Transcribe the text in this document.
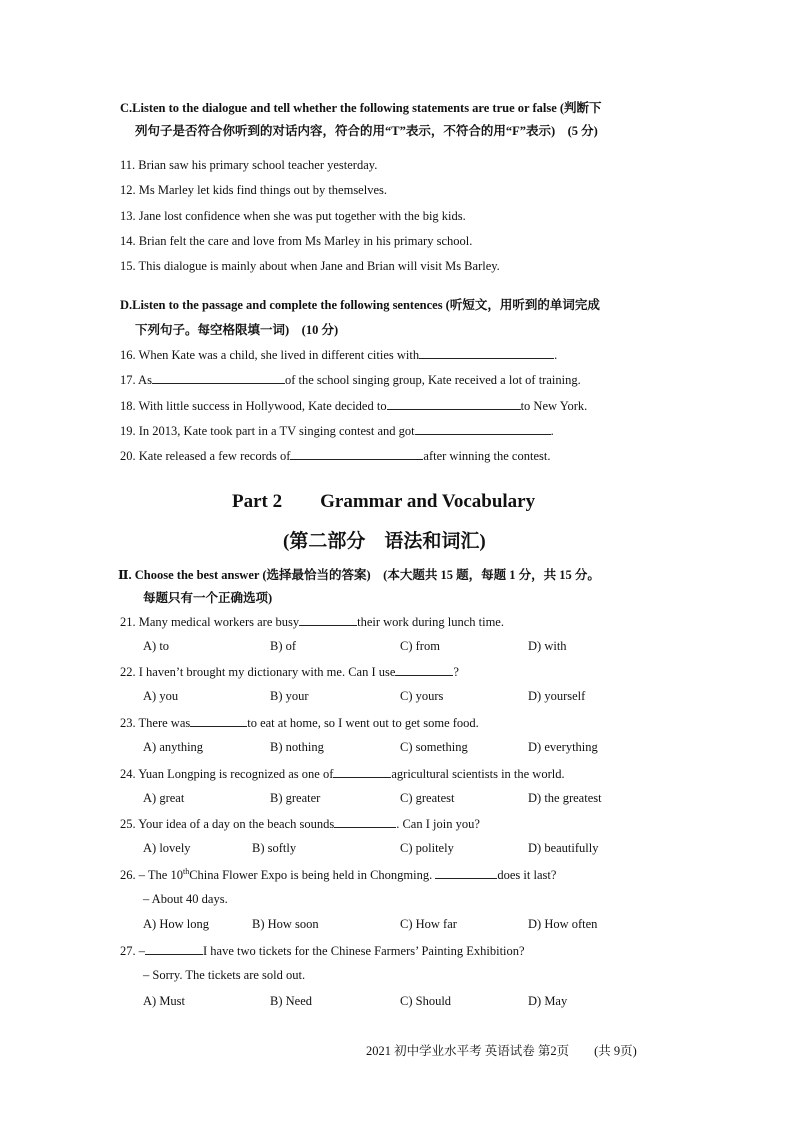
C.Listen to the dialogue and tell whether the following statements are true or false (判断下
列句子是否符合你听到的对话内容，符合的用“T”表示，不符合的用“F”表示)　(5 分)
11. Brian saw his primary school teacher yesterday.
12. Ms Marley let kids find things out by themselves.
13. Jane lost confidence when she was put together with the big kids.
14. Brian felt the care and love from Ms Marley in his primary school.
15. This dialogue is mainly about when Jane and Brian will visit Ms Barley.
D.Listen to the passage and complete the following sentences (听短文，用听到的单词完成
下列句子。每空格限填一词)　(10 分)
16. When Kate was a child, she lived in different cities with	.
17. As	of the school singing group, Kate received a lot of training.
18. With little success in Hollywood, Kate decided to	to New York.
19. In 2013, Kate took part in a TV singing contest and got	.
20. Kate released a few records of	after winning the contest.
Part 2　　Grammar and Vocabulary
(第二部分　语法和词汇)
Ⅱ. Choose the best answer (选择最恰当的答案)　(本大题共 15 题，每题 1 分，共 15 分。
每题只有一个正确选项)
21. Many medical workers are busy	their work during lunch time.
A) to	B) of	C) from	D) with
22. I haven’t brought my dictionary with me. Can I use	?
A) you	B) your	C) yours	D) yourself
23. There was	to eat at home, so I went out to get some food.
A) anything	B) nothing	C) something	D) everything
24. Yuan Longping is recognized as one of	agricultural scientists in the world.
A) great	B) greater	C) greatest	D) the greatest
25. Your idea of a day on the beach sounds	. Can I join you?
A) lovely	B) softly	C) politely	D) beautifully
26. – The 10thChina Flower Expo is being held in Chongming.	does it last?
– About 40 days.
A) How long	B) How soon	C) How far	D) How often
27. –	I have two tickets for the Chinese Farmers’ Painting Exhibition?
– Sorry. The tickets are sold out.
A) Must	B) Need	C) Should	D) May
2021 初中学业水平考 英语试卷 第2页　　(共 9页)
